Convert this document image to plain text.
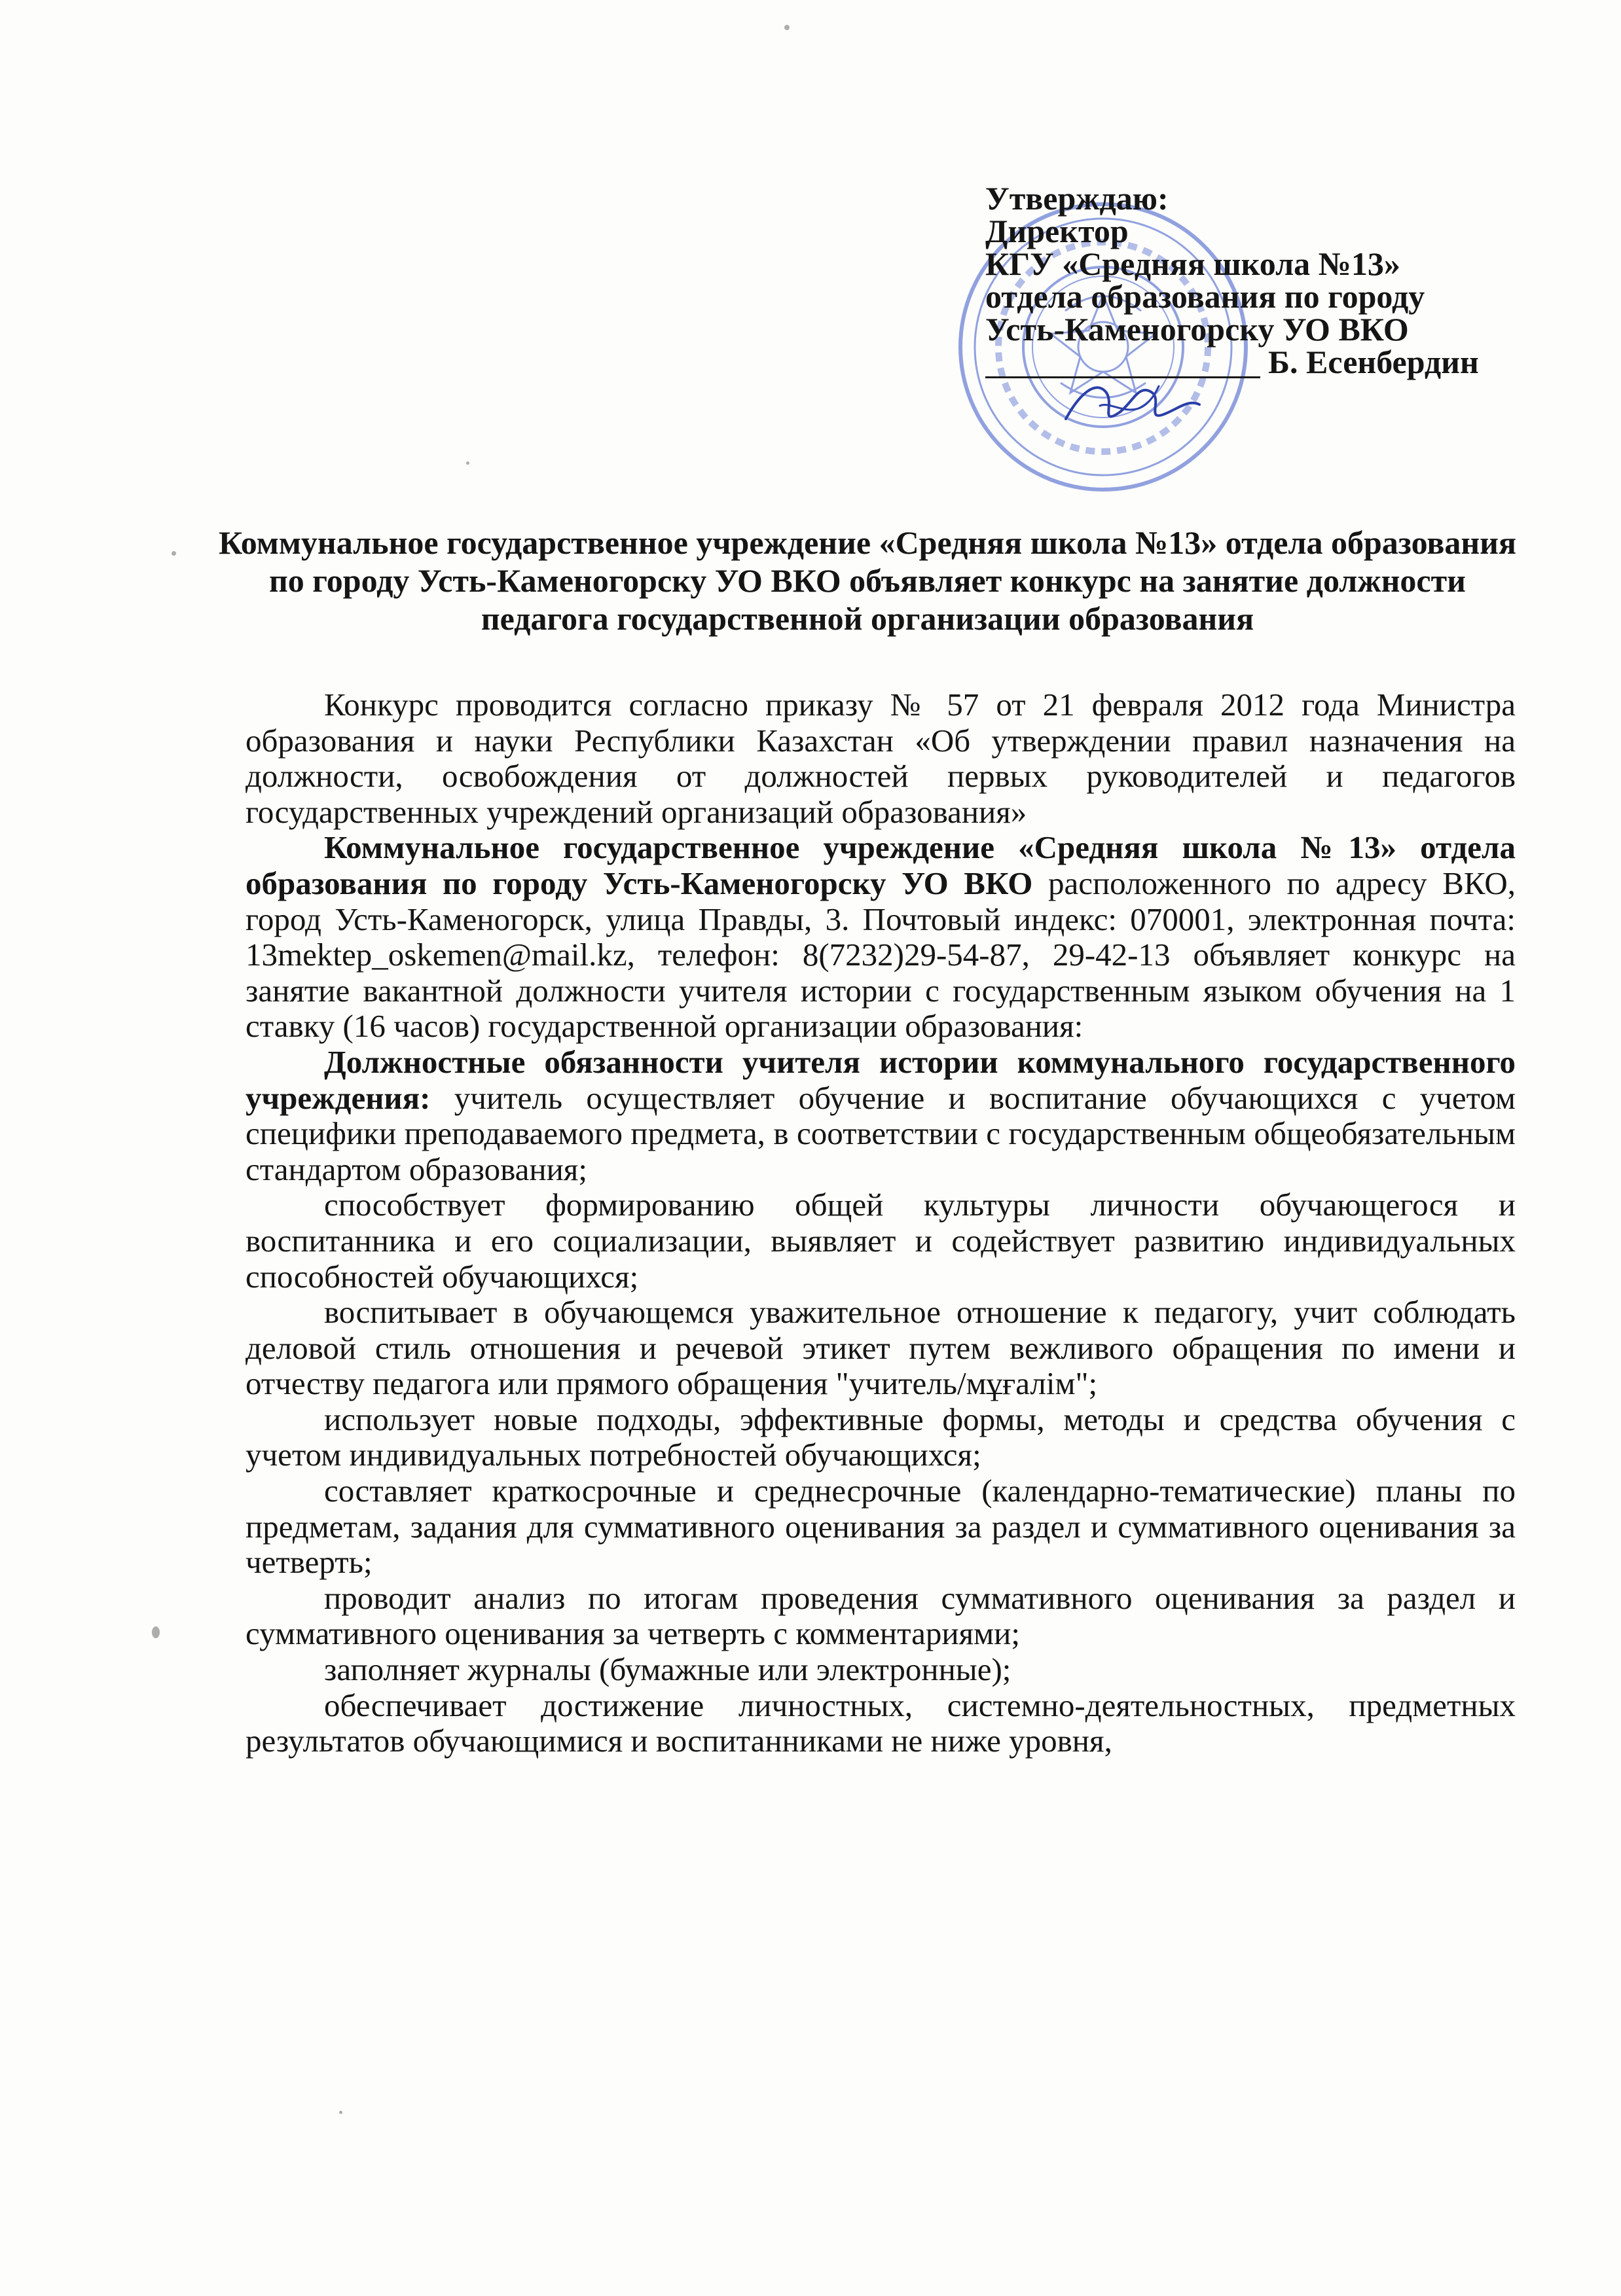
Утверждаю:
Директор
КГУ «Средняя школа №13»
отдела образования по городу
Усть-Каменогорску УО ВКО
Б. Есенбердин
Коммунальное государственное учреждение «Средняя школа №13» отдела образования по городу Усть-Каменогорску УО ВКО объявляет конкурс на занятие должности педагога государственной организации образования

Конкурс проводится согласно приказу № 57 от 21 февраля 2012 года Министра образования и науки Республики Казахстан «Об утверждении правил назначения на должности, освобождения от должностей первых руководителей и педагогов государственных учреждений организаций образования»

Коммунальное государственное учреждение «Средняя школа №13» отдела образования по городу Усть-Каменогорску УО ВКО расположенного по адресу ВКО, город Усть-Каменогорск, улица Правды, 3. Почтовый индекс: 070001, электронная почта: 13mektep_oskemen@mail.kz, телефон: 8(7232)29-54-87, 29-42-13 объявляет конкурс на занятие вакантной должности учителя истории с государственным языком обучения на 1 ставку (16 часов) государственной организации образования:

Должностные обязанности учителя истории коммунального государственного учреждения: учитель осуществляет обучение и воспитание обучающихся с учетом специфики преподаваемого предмета, в соответствии с государственным общеобязательным стандартом образования;

способствует формированию общей культуры личности обучающегося и воспитанника и его социализации, выявляет и содействует развитию индивидуальных способностей обучающихся;

воспитывает в обучающемся уважительное отношение к педагогу, учит соблюдать деловой стиль отношения и речевой этикет путем вежливого обращения по имени и отчеству педагога или прямого обращения "учитель/мұғалім";

использует новые подходы, эффективные формы, методы и средства обучения с учетом индивидуальных потребностей обучающихся;

составляет краткосрочные и среднесрочные (календарно-тематические) планы по предметам, задания для суммативного оценивания за раздел и суммативного оценивания за четверть;

проводит анализ по итогам проведения суммативного оценивания за раздел и суммативного оценивания за четверть с комментариями;

заполняет журналы (бумажные или электронные);

обеспечивает достижение личностных, системно-деятельностных, предметных результатов обучающимися и воспитанниками не ниже уровня,
